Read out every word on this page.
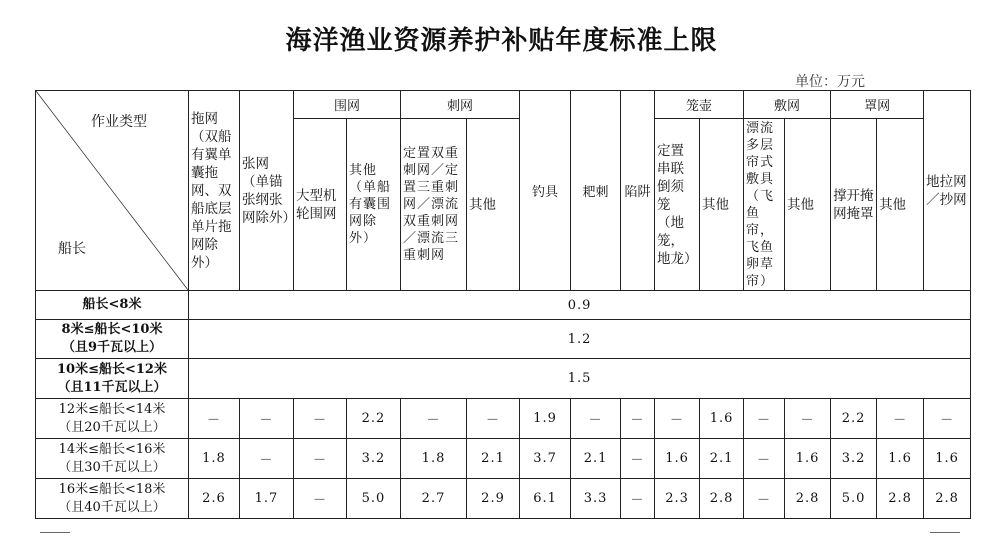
海洋渔业资源养护补贴年度标准上限
单位：万元
作业类型
船长	拖网（双船有翼单囊拖网、双船底层单片拖网除外）	张网（单锚张纲张网除外）	围网		刺网		钓具	耙刺	陷阱	笼壶		敷网		罩网		地拉网／抄网
			大型机轮围网	其他（单船有囊围网除外）	定置双重刺网／定置三重刺网／漂流双重刺网／漂流三重刺网	其他				定置串联倒须笼（地笼，地龙）	其他	漂流多层帘式敷具（飞鱼帘，飞鱼卵草帘）	其他	撑开掩网掩罩	其他	
船长<8米	0.9															
8米≤船长<10米
（且9千瓦以上）	1.2															
10米≤船长<12米
（且11千瓦以上）	1.5															
12米≤船长<14米
（且20千瓦以上）	－	－	－	2.2	－	－	1.9	－	－	－	1.6	－	－	2.2	－	－
14米≤船长<16米
（且30千瓦以上）	1.8	－	－	3.2	1.8	2.1	3.7	2.1	－	1.6	2.1	－	1.6	3.2	1.6	1.6
16米≤船长<18米
（且40千瓦以上）	2.6	1.7	－	5.0	2.7	2.9	6.1	3.3	－	2.3	2.8	－	2.8	5.0	2.8	2.8
